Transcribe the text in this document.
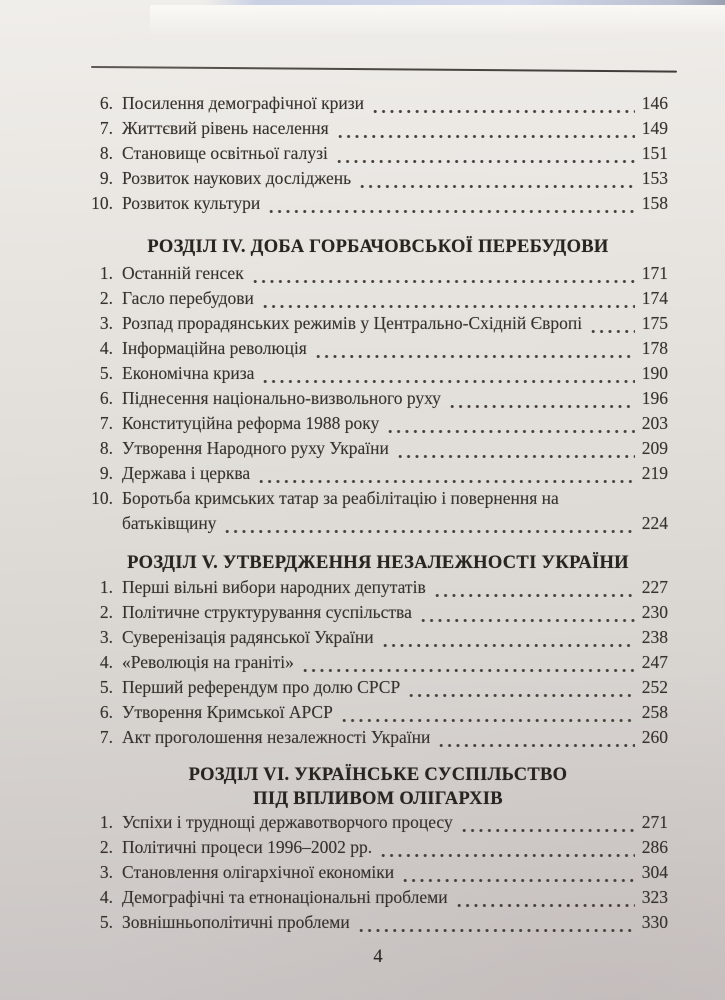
6. Посилення демографічної кризи	146
7. Життєвий рівень населення	149
8. Становище освітньої галузі	151
9. Розвиток наукових досліджень	153
10. Розвиток культури	158
РОЗДІЛ IV. ДОБА ГОРБАЧОВСЬКОЇ ПЕРЕБУДОВИ
1. Останній генсек	171
2. Гасло перебудови	174
3. Розпад прорадянських режимів у Центрально-Східній Європі	175
4. Інформаційна революція	178
5. Економічна криза	190
6. Піднесення національно-визвольного руху	196
7. Конституційна реформа 1988 року	203
8. Утворення Народного руху України	209
9. Держава і церква	219
10. Боротьба кримських татар за реабілітацію і повернення на
батьківщину	224
РОЗДІЛ V. УТВЕРДЖЕННЯ НЕЗАЛЕЖНОСТІ УКРАЇНИ
1. Перші вільні вибори народних депутатів	227
2. Політичне структурування суспільства	230
3. Суверенізація радянської України	238
4. «Революція на граніті»	247
5. Перший референдум про долю СРСР	252
6. Утворення Кримської АРСР	258
7. Акт проголошення незалежності України	260
РОЗДІЛ VI. УКРАЇНСЬКЕ СУСПІЛЬСТВО
ПІД ВПЛИВОМ ОЛІГАРХІВ
1. Успіхи і труднощі державотворчого процесу	271
2. Політичні процеси 1996–2002 рр.	286
3. Становлення олігархічної економіки	304
4. Демографічні та етнонаціональні проблеми	323
5. Зовнішньополітичні проблеми	330
4
